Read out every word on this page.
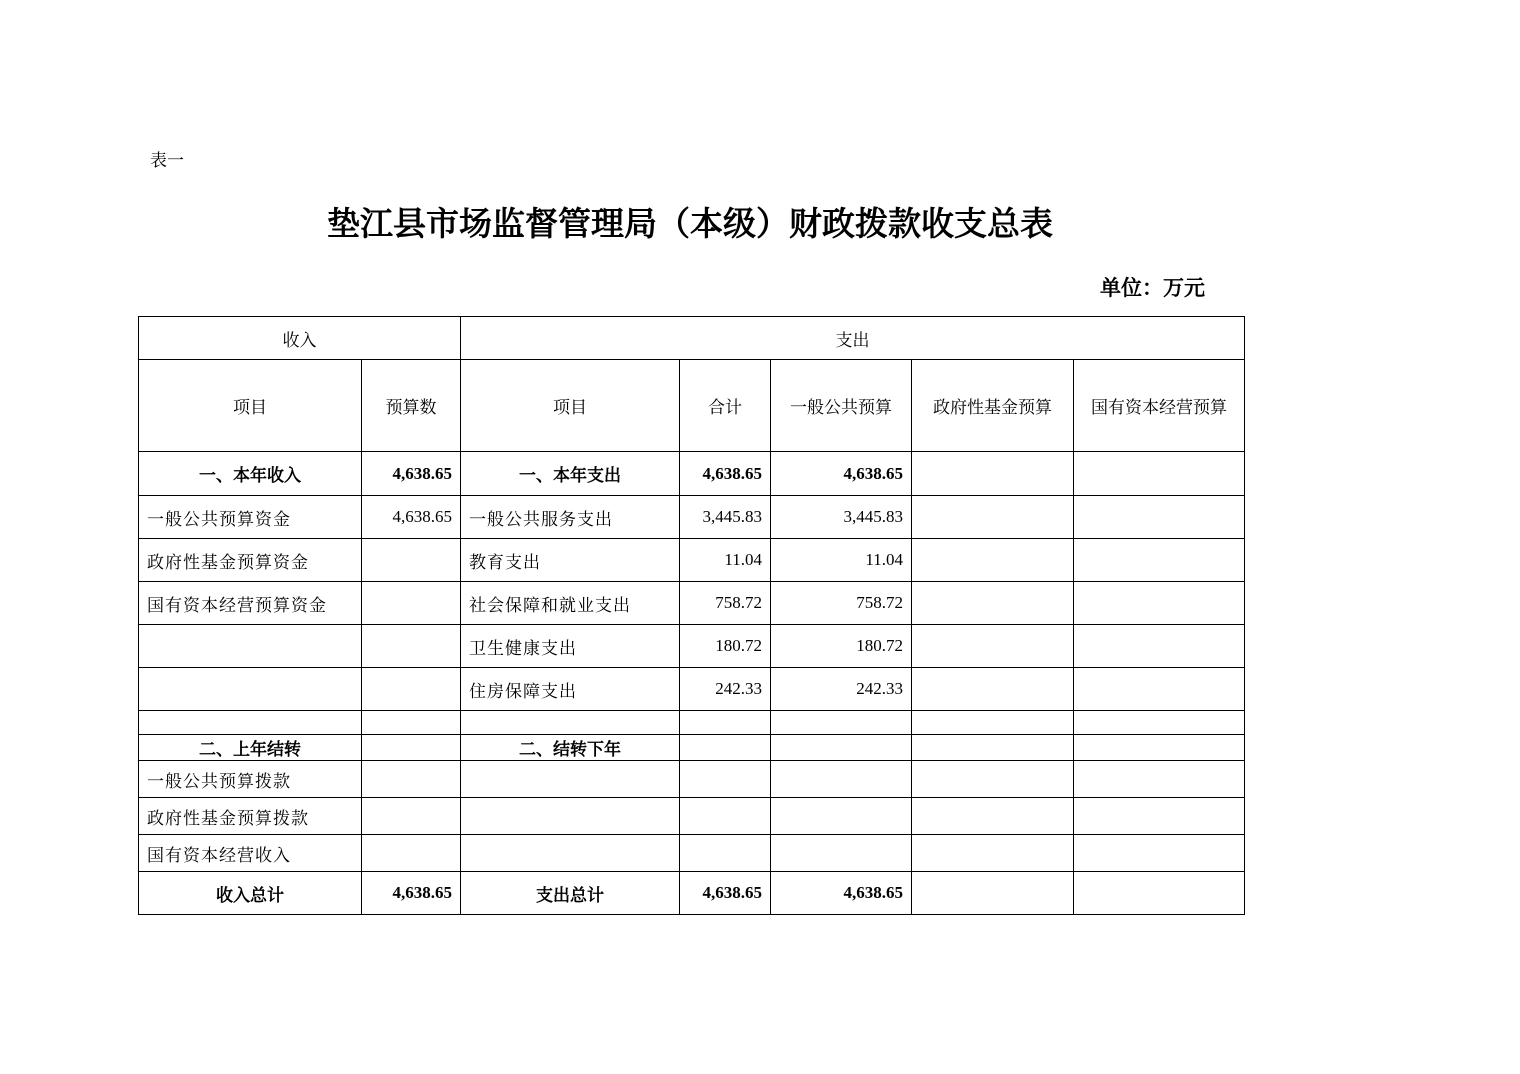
表一
垫江县市场监督管理局（本级）财政拨款收支总表
单位：万元
收入		支出				
项目	预算数	项目	合计	一般公共预算	政府性基金预算	国有资本经营预算
一、本年收入	4,638.65	一、本年支出	4,638.65	4,638.65		
一般公共预算资金	4,638.65	一般公共服务支出	3,445.83	3,445.83		
政府性基金预算资金		教育支出	11.04	11.04		
国有资本经营预算资金		社会保障和就业支出	758.72	758.72		
		卫生健康支出	180.72	180.72		
		住房保障支出	242.33	242.33		

二、上年结转		二、结转下年				
一般公共预算拨款						
政府性基金预算拨款						
国有资本经营收入						
收入总计	4,638.65	支出总计	4,638.65	4,638.65		
